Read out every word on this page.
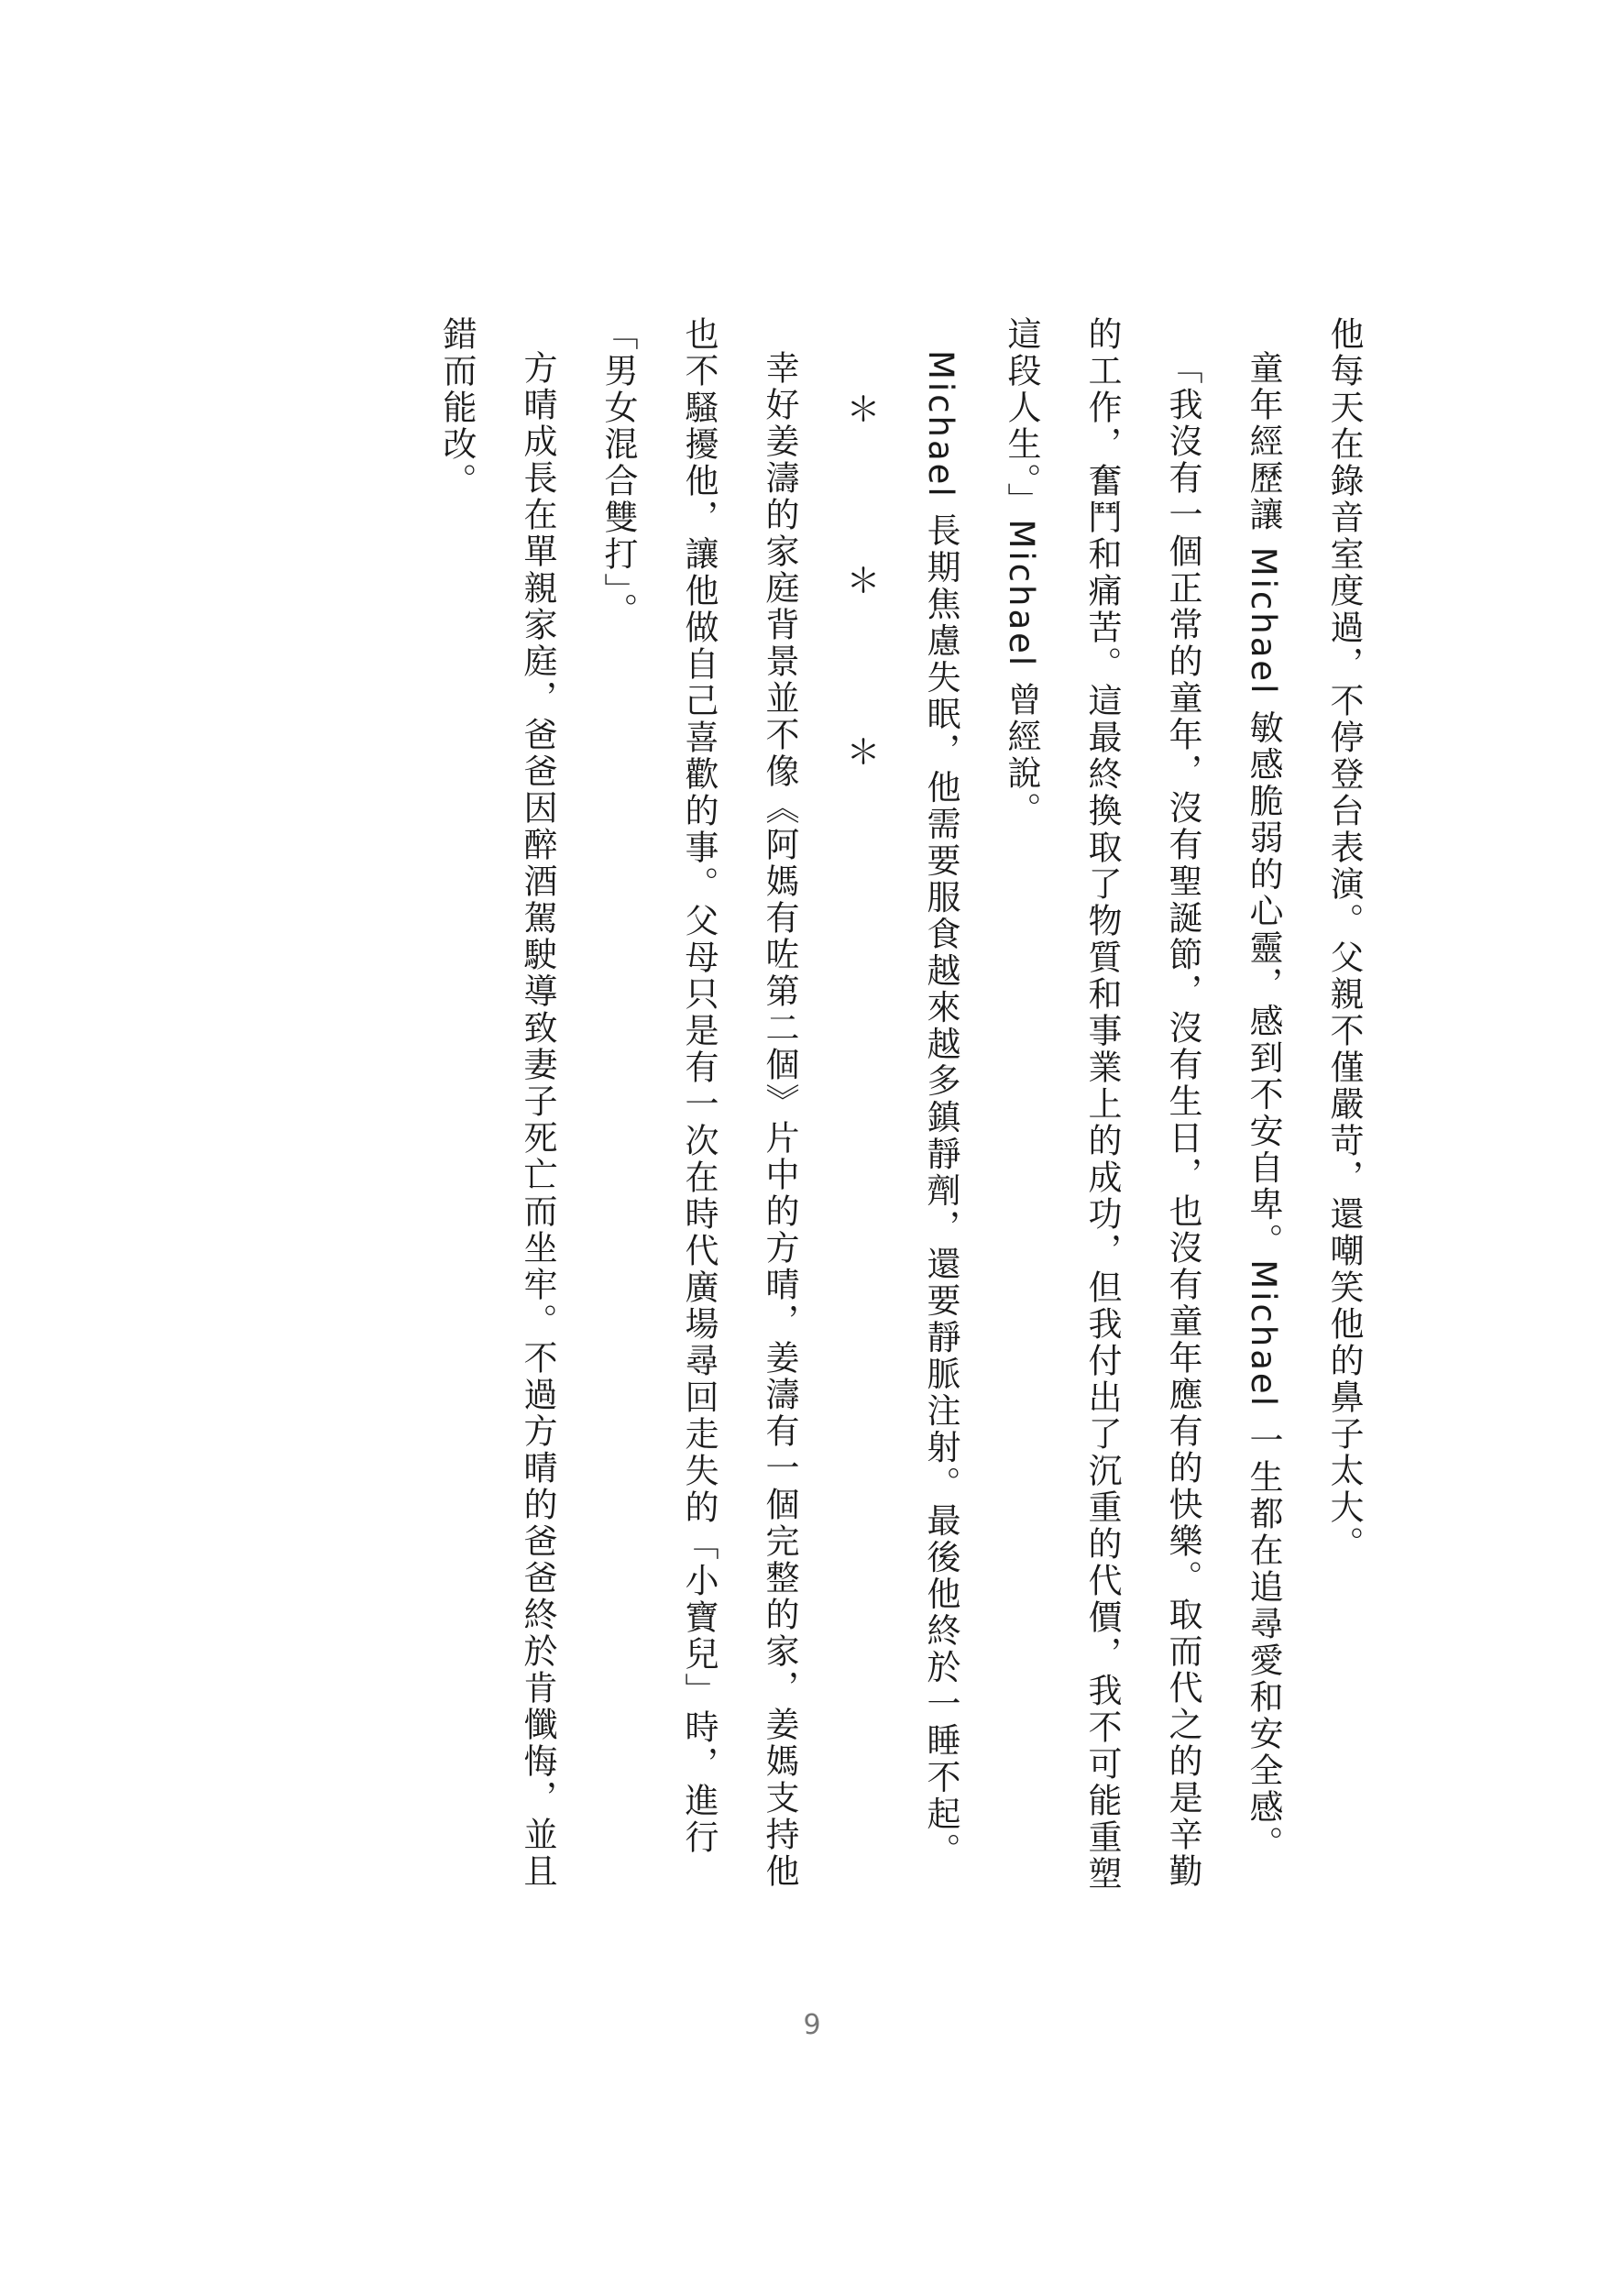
他每天在錄音室度過，不停登台表演。父親不僅嚴苛，還嘲笑他的鼻子太大。

童年經歷讓 Michael 敏感脆弱的心靈，感到不安自卑。Michael 一生都在追尋愛和安全感。

「我沒有一個正常的童年，沒有聖誕節，沒有生日，也沒有童年應有的快樂。取而代之的是辛勤的工作，奮鬥和痛苦。這最終換取了物質和事業上的成功，但我付出了沉重的代價，我不可能重塑這段人生。」Michael 曾經說。

Michael 長期焦慮失眠，他需要服食越來越多鎮靜劑，還要靜脈注射。最後他終於一睡不起。

＊＊＊

幸好姜濤的家庭背景並不像《阿媽有咗第二個》片中的方晴，姜濤有一個完整的家，姜媽支持他也不騷擾他，讓他做自己喜歡的事。父母只是有一次在時代廣場尋回走失的「小寶兒」時，進行「男女混合雙打」。

方晴成長在單親家庭，爸爸因醉酒駕駛導致妻子死亡而坐牢。不過方晴的爸爸終於肯懺悔，並且錯而能改。

9
